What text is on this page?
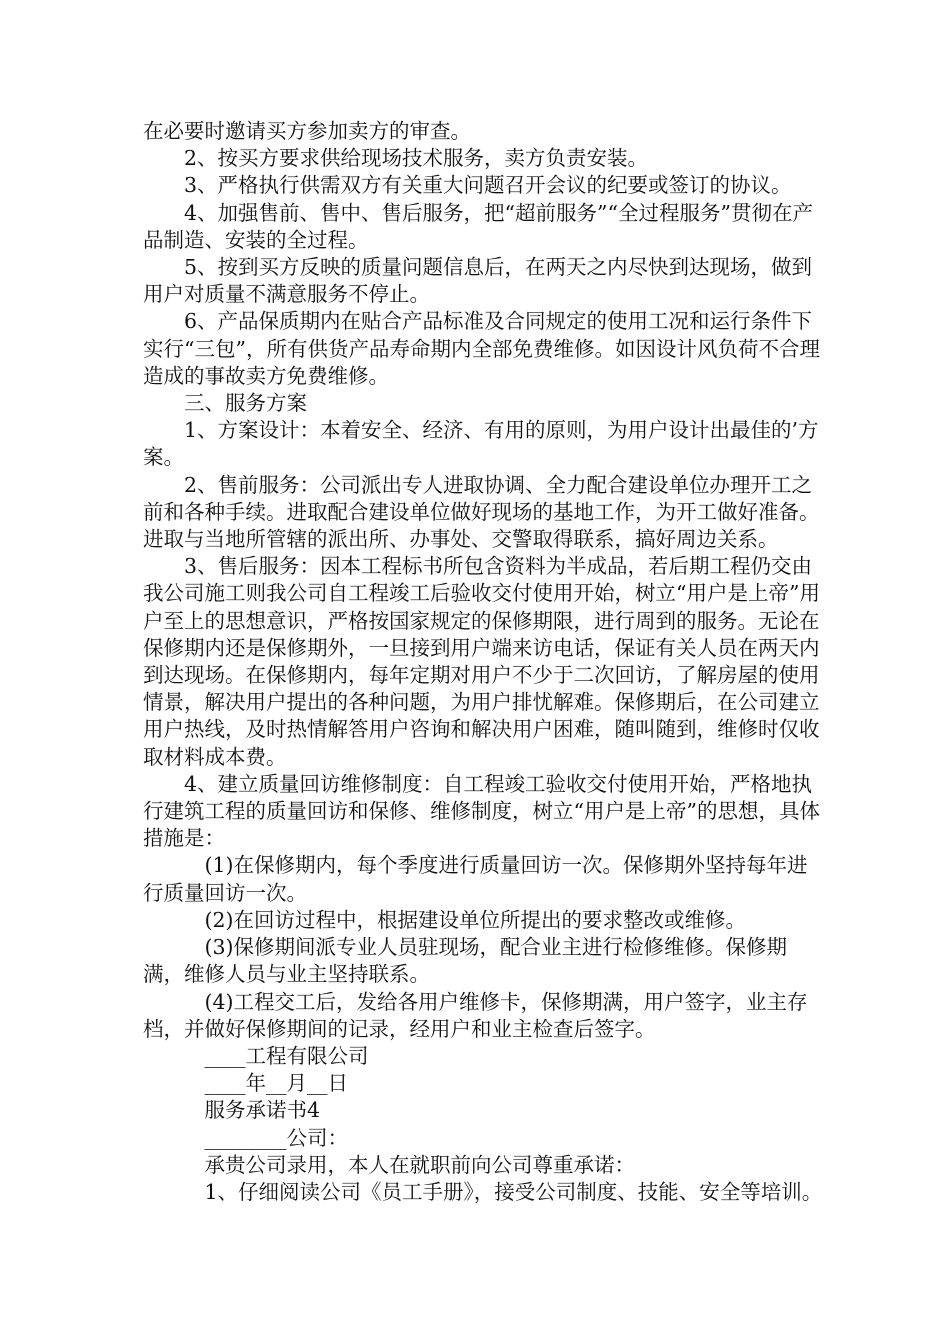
在必要时邀请买方参加卖方的审查。

2、按买方要求供给现场技术服务，卖方负责安装。

3、严格执行供需双方有关重大问题召开会议的纪要或签订的协议。

4、加强售前、售中、售后服务，把“超前服务”“全过程服务”贯彻在产品制造、安装的全过程。

5、按到买方反映的质量问题信息后，在两天之内尽快到达现场，做到用户对质量不满意服务不停止。

6、产品保质期内在贴合产品标准及合同规定的使用工况和运行条件下实行“三包”，所有供货产品寿命期内全部免费维修。如因设计风负荷不合理造成的事故卖方免费维修。

三、服务方案

1、方案设计：本着安全、经济、有用的原则，为用户设计出最佳的’方案。

2、售前服务：公司派出专人进取协调、全力配合建设单位办理开工之前和各种手续。进取配合建设单位做好现场的基地工作，为开工做好准备。进取与当地所管辖的派出所、办事处、交警取得联系，搞好周边关系。

3、售后服务：因本工程标书所包含资料为半成品，若后期工程仍交由我公司施工则我公司自工程竣工后验收交付使用开始，树立“用户是上帝”用户至上的思想意识，严格按国家规定的保修期限，进行周到的服务。无论在保修期内还是保修期外，一旦接到用户端来访电话，保证有关人员在两天内到达现场。在保修期内，每年定期对用户不少于二次回访，了解房屋的使用情景，解决用户提出的各种问题，为用户排忧解难。保修期后，在公司建立用户热线，及时热情解答用户咨询和解决用户困难，随叫随到，维修时仅收取材料成本费。

4、建立质量回访维修制度：自工程竣工验收交付使用开始，严格地执行建筑工程的质量回访和保修、维修制度，树立“用户是上帝”的思想，具体措施是：

(1)在保修期内，每个季度进行质量回访一次。保修期外坚持每年进行质量回访一次。

(2)在回访过程中，根据建设单位所提出的要求整改或维修。

(3)保修期间派专业人员驻现场，配合业主进行检修维修。保修期满，维修人员与业主坚持联系。

(4)工程交工后，发给各用户维修卡，保修期满，用户签字，业主存档，并做好保修期间的记录，经用户和业主检查后签字。

____工程有限公司

____年__月__日

服务承诺书4

________公司：

承贵公司录用，本人在就职前向公司尊重承诺：

1、仔细阅读公司《员工手册》，接受公司制度、技能、安全等培训。
